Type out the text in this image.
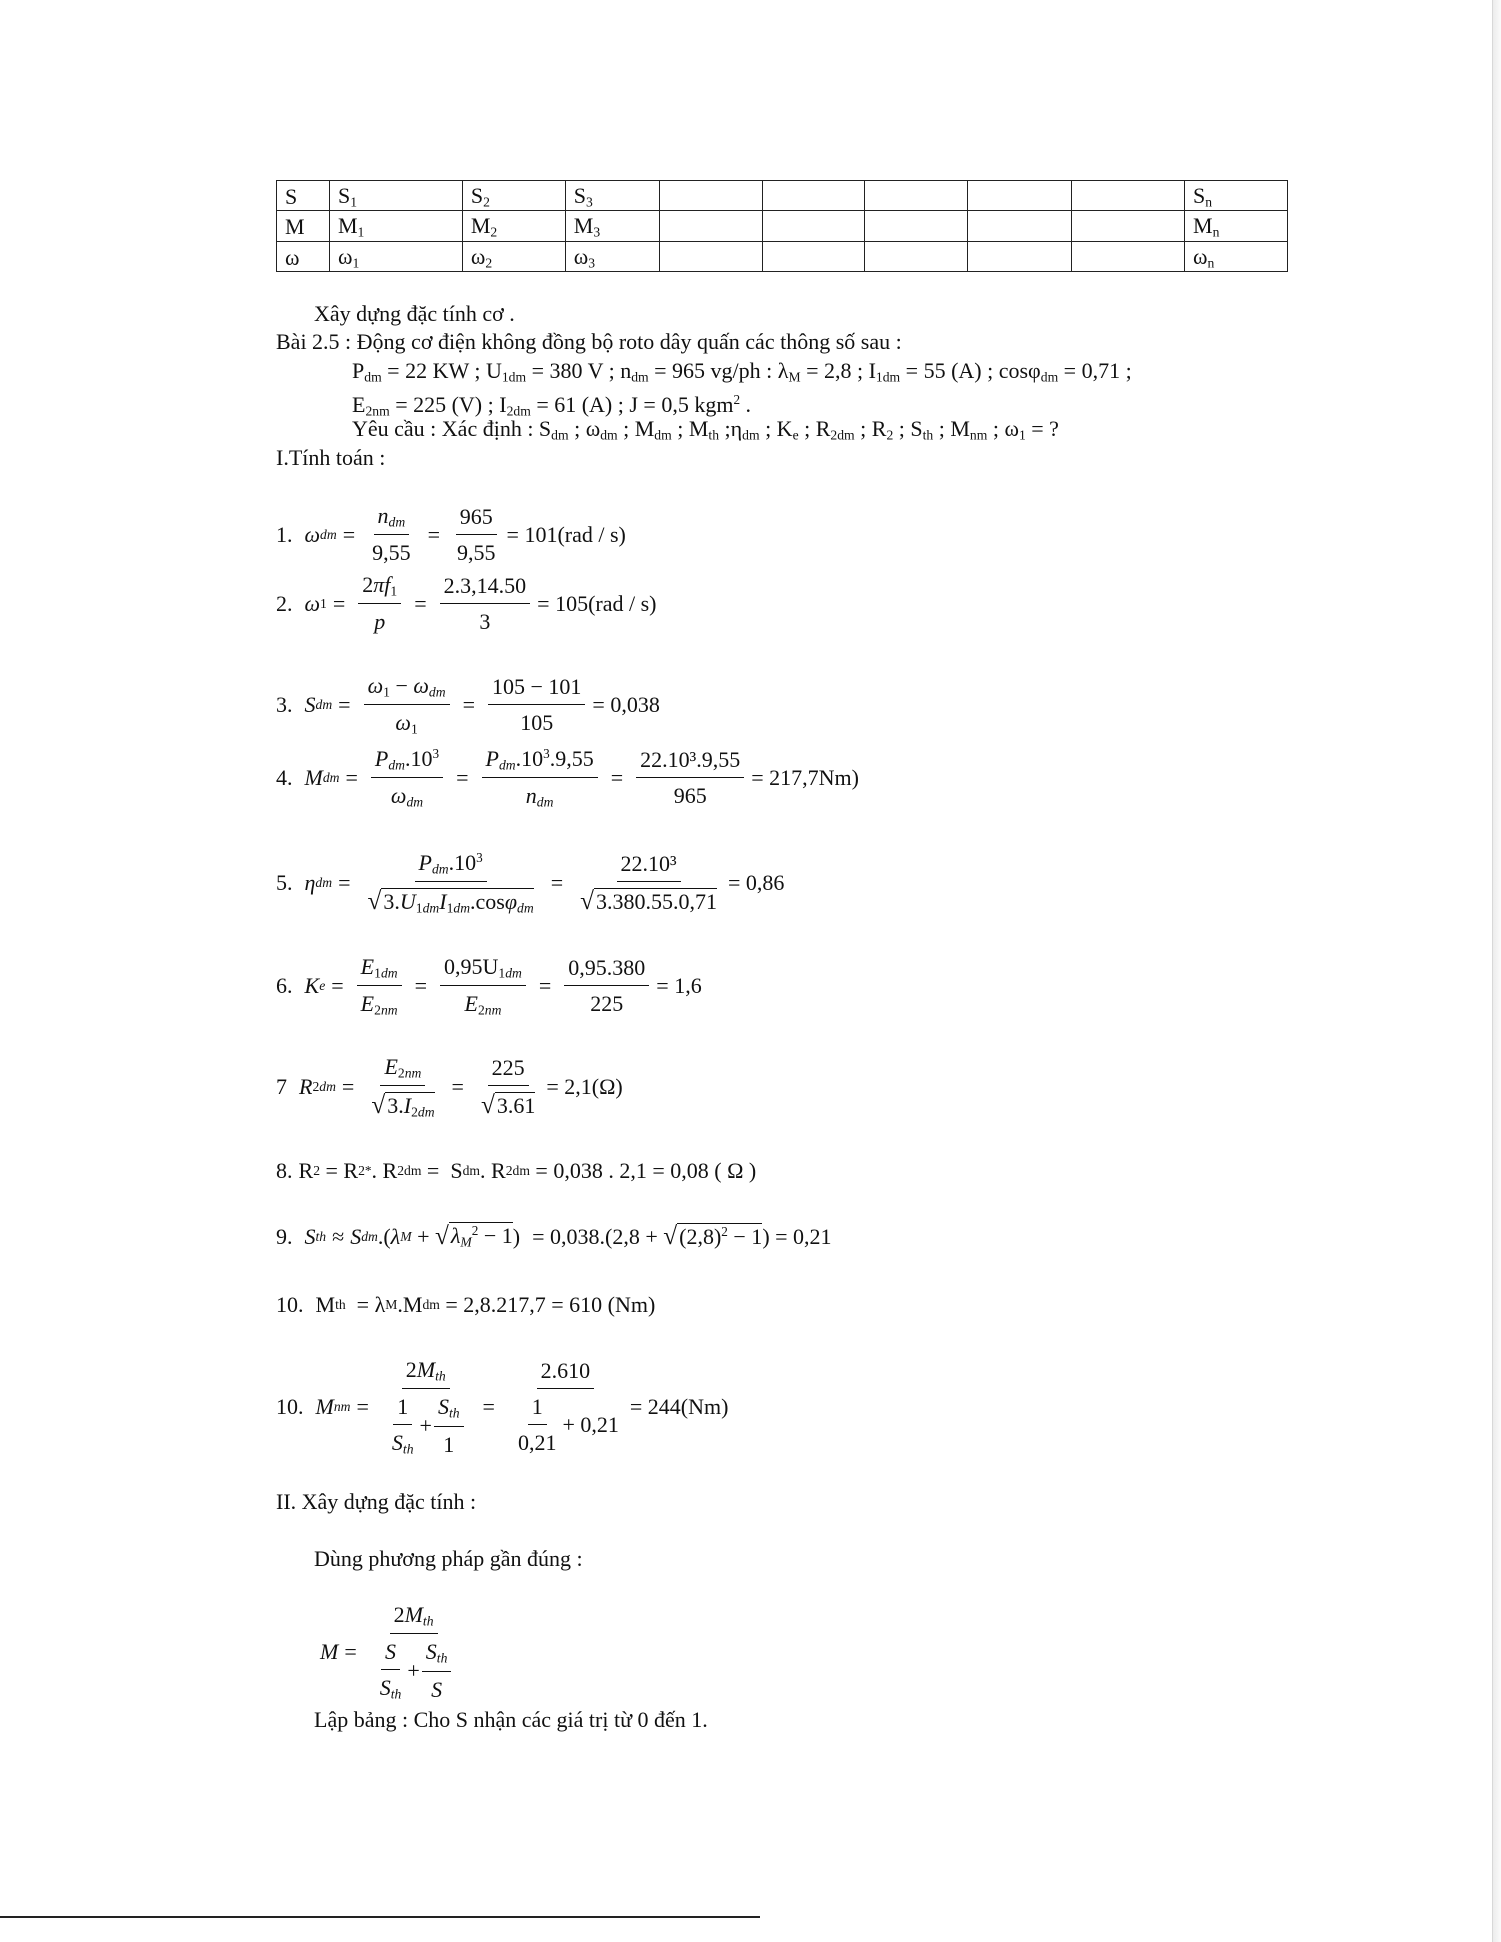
S	$S_1$	$S_2$	$S_3$						$S_n$
M	$M_1$	$M_2$	$M_3$						$M_n$
ω	$\omega_1$	$\omega_2$	$\omega_3$						$\omega_n$
Xây dựng đặc tính cơ .
Bài 2.5 : Động cơ điện không đồng bộ roto dây quấn các thông số sau :
$P_{dm} = 22$ KW ; $U_{1dm} = 380$ V ; $n_{dm} = 965$ vg/ph : $\lambda_M = 2,8$ ; $I_{1dm} = 55$ (A) ; cosφ$_{dm}$ = 0,71 ;
$E_{2nm} = 225$ (V) ; $I_{2dm} = 61$ (A) ; J = 0,5 kgm$^2$ .
Yêu cầu : Xác định : $S_{dm}$ ; $\omega_{dm}$ ; $M_{dm}$ ; $M_{th}$ $;\eta_{dm}$ ; $K_e$ ; $R_{2dm}$ ; $R_2$ ; $S_{th}$ ; $M_{nm}$ ; $\omega_1$ = ?
I.Tính toán :
1. ω dm = $\frac{n_{dm}}{9,55} = \frac{965}{9,55} = 101(rad / s)$
2. ω $1 = \frac{2\pi f_1}{p} = \frac{2.3,14.50}{3} = 105(rad / s)$
3. S dm = $\frac{\omega_1 - \omega_{dm}}{\omega_1} = \frac{105 - 101}{105} = 0,038$
4. M dm = $\frac{P_{dm}.10^3}{\omega_{dm}} = \frac{P_{dm}.10^3.9,55}{n_{dm}} = \frac{\text{22.10³.9,55}}{965} = 217,7Nm$)
5. η dm = $\frac{P_{dm}.10^3}{√3.U_{1dm}I_{1dm}.\cos\varphi_{dm}} = \frac{\text{22.10³}}{√3.380.55.0,71} = 0,86$
6. K $e = \frac{E_{1dm}}{E_{2nm}} = \frac{0,95U_{1dm}}{E_{2nm}} = \frac{0,95.380}{225} = 1,6$
7 R $2dm = \frac{E_{2nm}}{√3.I_{2dm}} = \frac{225}{√3.61} = 2,1(\Omega)$
8. R 2 = R 2 * . R 2dm =  S dm . R 2dm
= 0,038 . 2,1 = 0,08 ( Ω )
9. S th ≈ S dm .( λ M + √ $\lambda_M^2 - 1$ ) = 0,038.(2,8 +
√ $(2,8)^2 - 1$ ) = 0,21
10. M th = λ M .M dm
= 2,8.217,7 = 610 (Nm)
10. M nm = $\frac{2M_{th}}{\frac{1}{S_{th}} + \frac{S_{th}}{1}} = \frac{2.610}{\frac{1}{0,21} + 0,21} = 244(Nm)$
II. Xây dựng đặc tính :
Dùng phương pháp gần đúng :
$M = \frac{2M_{th}}{\frac{S}{S_{th}} + \frac{S_{th}}{S}}$
Lập bảng : Cho S nhận các giá trị từ 0 đến 1.
